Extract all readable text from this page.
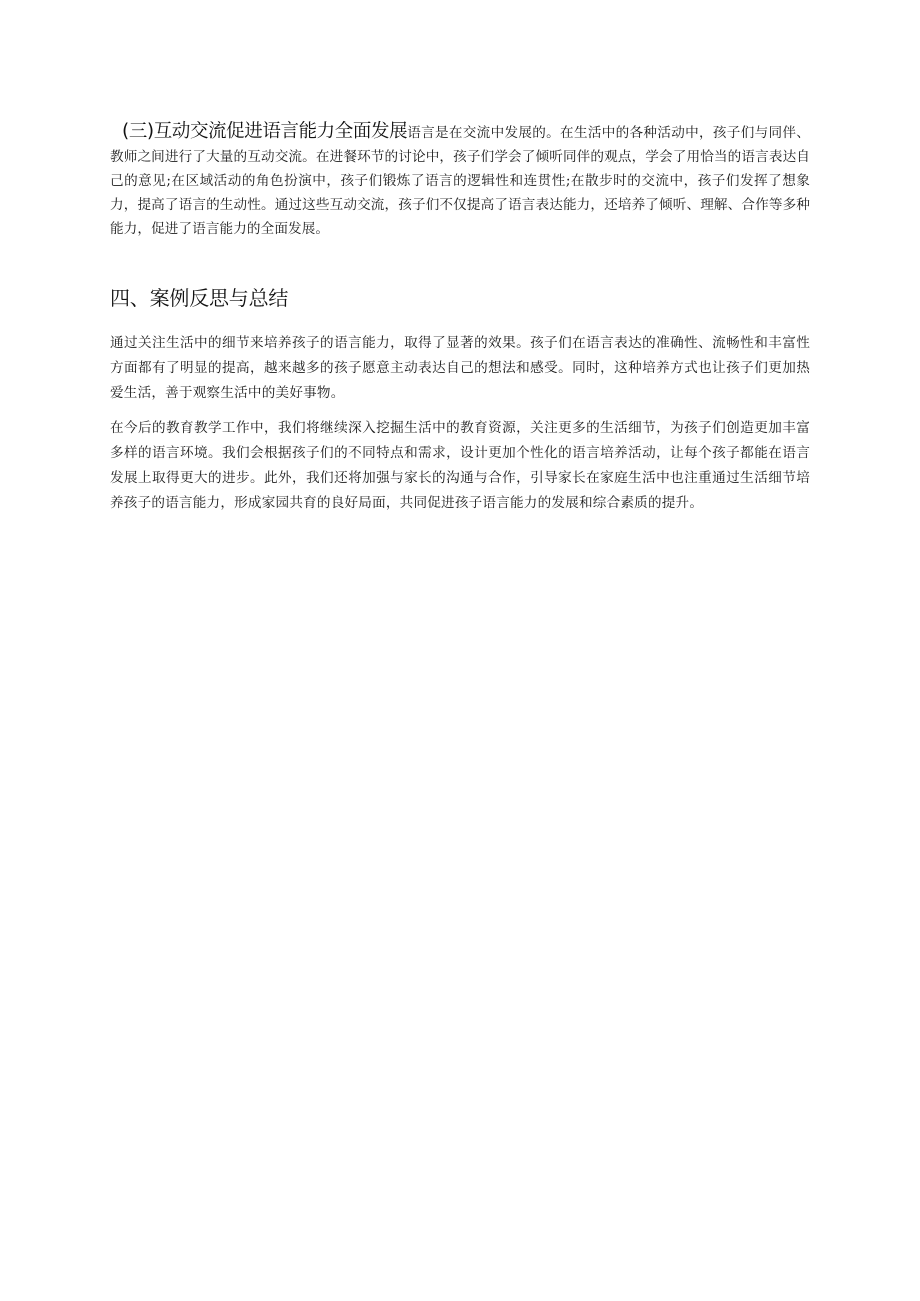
(三)互动交流促进语言能力全面发展语言是在交流中发展的。在生活中的各种活动中，孩子们与同伴、教师之间进行了大量的互动交流。在进餐环节的讨论中，孩子们学会了倾听同伴的观点，学会了用恰当的语言表达自己的意见;在区域活动的角色扮演中，孩子们锻炼了语言的逻辑性和连贯性;在散步时的交流中，孩子们发挥了想象力，提高了语言的生动性。通过这些互动交流，孩子们不仅提高了语言表达能力，还培养了倾听、理解、合作等多种能力，促进了语言能力的全面发展。

四、案例反思与总结

通过关注生活中的细节来培养孩子的语言能力，取得了显著的效果。孩子们在语言表达的准确性、流畅性和丰富性方面都有了明显的提高，越来越多的孩子愿意主动表达自己的想法和感受。同时，这种培养方式也让孩子们更加热爱生活，善于观察生活中的美好事物。

在今后的教育教学工作中，我们将继续深入挖掘生活中的教育资源，关注更多的生活细节，为孩子们创造更加丰富多样的语言环境。我们会根据孩子们的不同特点和需求，设计更加个性化的语言培养活动，让每个孩子都能在语言发展上取得更大的进步。此外，我们还将加强与家长的沟通与合作，引导家长在家庭生活中也注重通过生活细节培养孩子的语言能力，形成家园共育的良好局面，共同促进孩子语言能力的发展和综合素质的提升。
